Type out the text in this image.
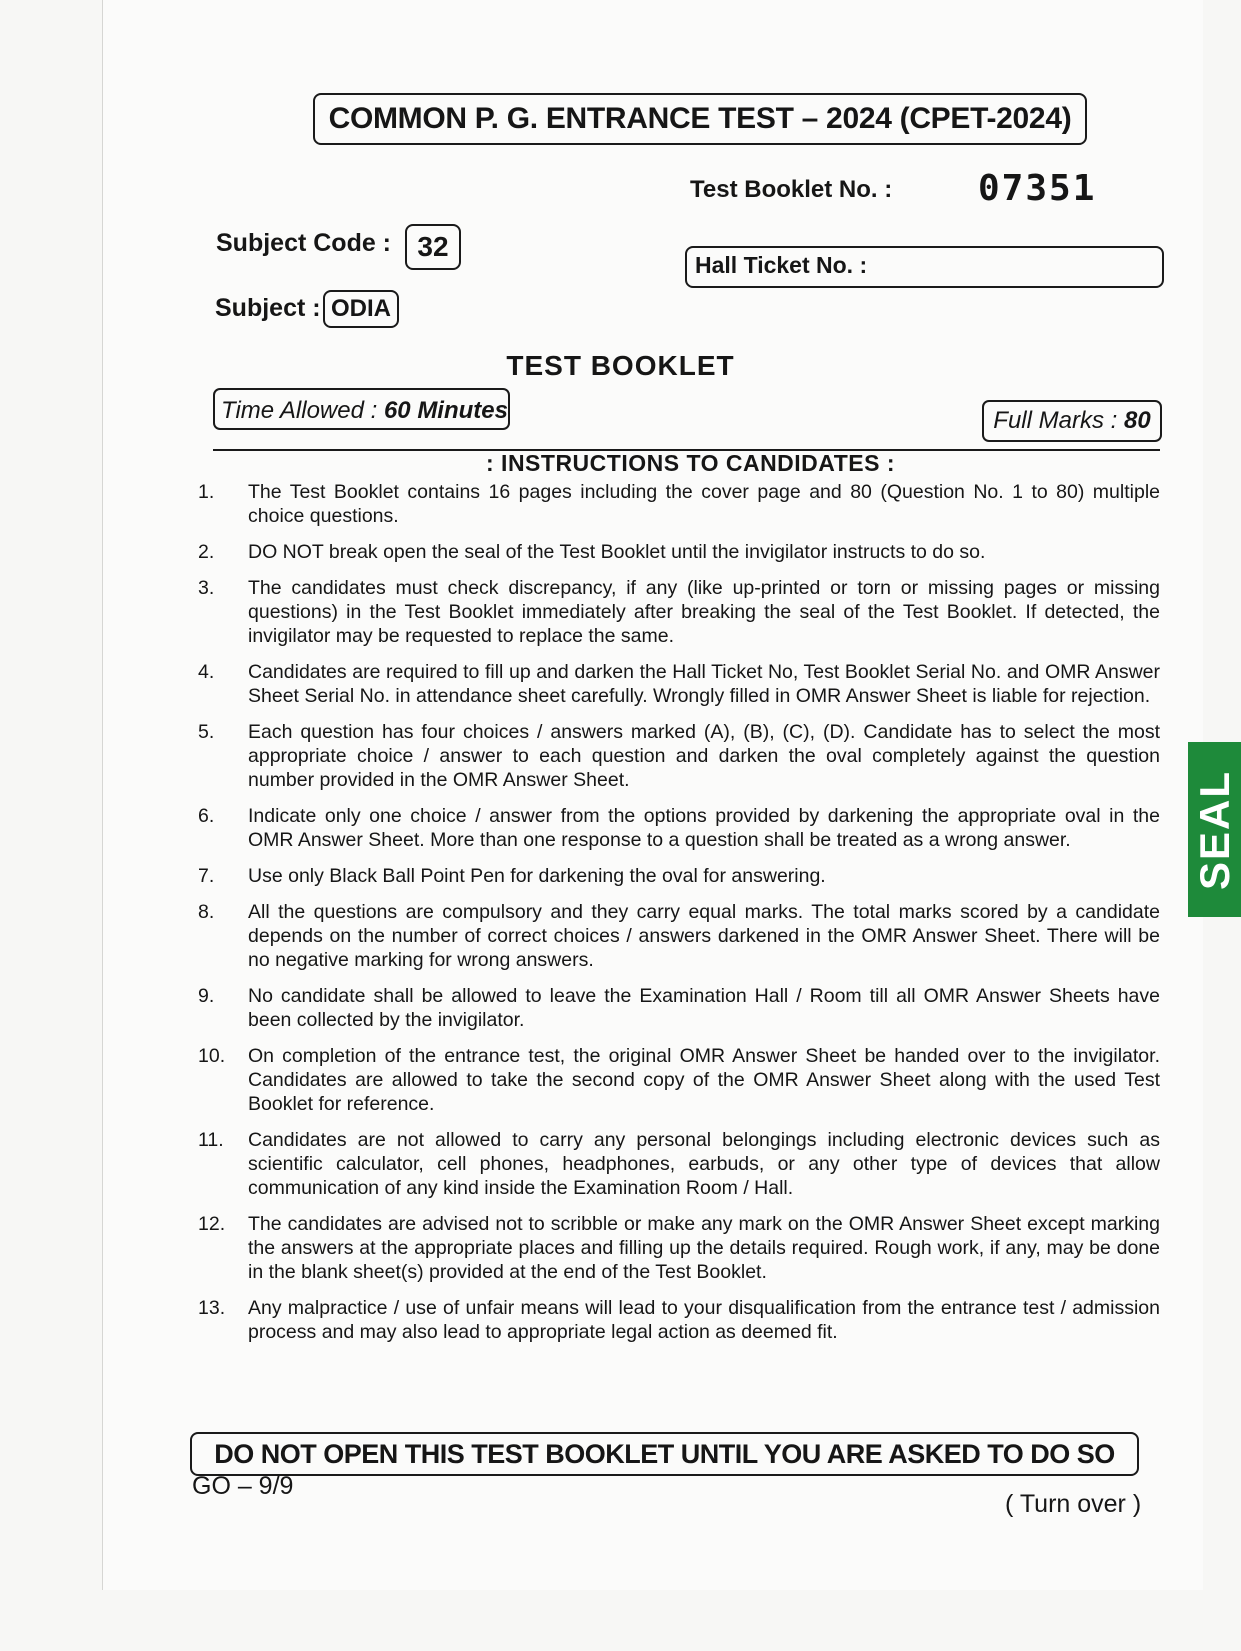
COMMON P. G. ENTRANCE TEST – 2024 (CPET-2024)
Test Booklet No. : 07351
Subject Code : 32
Hall Ticket No. :
Subject : ODIA
TEST BOOKLET
Time Allowed : 60 Minutes	Full Marks : 80
: INSTRUCTIONS TO CANDIDATES :
1. The Test Booklet contains 16 pages including the cover page and 80 (Question No. 1 to 80) multiple choice questions.
2. DO NOT break open the seal of the Test Booklet until the invigilator instructs to do so.
3. The candidates must check discrepancy, if any (like up-printed or torn or missing pages or missing questions) in the Test Booklet immediately after breaking the seal of the Test Booklet. If detected, the invigilator may be requested to replace the same.
4. Candidates are required to fill up and darken the Hall Ticket No, Test Booklet Serial No. and OMR Answer Sheet Serial No. in attendance sheet carefully. Wrongly filled in OMR Answer Sheet is liable for rejection.
5. Each question has four choices / answers marked (A), (B), (C), (D). Candidate has to select the most appropriate choice / answer to each question and darken the oval completely against the question number provided in the OMR Answer Sheet.
6. Indicate only one choice / answer from the options provided by darkening the appropriate oval in the OMR Answer Sheet. More than one response to a question shall be treated as a wrong answer.
7. Use only Black Ball Point Pen for darkening the oval for answering.
8. All the questions are compulsory and they carry equal marks. The total marks scored by a candidate depends on the number of correct choices / answers darkened in the OMR Answer Sheet. There will be no negative marking for wrong answers.
9. No candidate shall be allowed to leave the Examination Hall / Room till all OMR Answer Sheets have been collected by the invigilator.
10. On completion of the entrance test, the original OMR Answer Sheet be handed over to the invigilator. Candidates are allowed to take the second copy of the OMR Answer Sheet along with the used Test Booklet for reference.
11. Candidates are not allowed to carry any personal belongings including electronic devices such as scientific calculator, cell phones, headphones, earbuds, or any other type of devices that allow communication of any kind inside the Examination Room / Hall.
12. The candidates are advised not to scribble or make any mark on the OMR Answer Sheet except marking the answers at the appropriate places and filling up the details required. Rough work, if any, may be done in the blank sheet(s) provided at the end of the Test Booklet.
13. Any malpractice / use of unfair means will lead to your disqualification from the entrance test / admission process and may also lead to appropriate legal action as deemed fit.
SEAL
DO NOT OPEN THIS TEST BOOKLET UNTIL YOU ARE ASKED TO DO SO
GO – 9/9
( Turn over )
